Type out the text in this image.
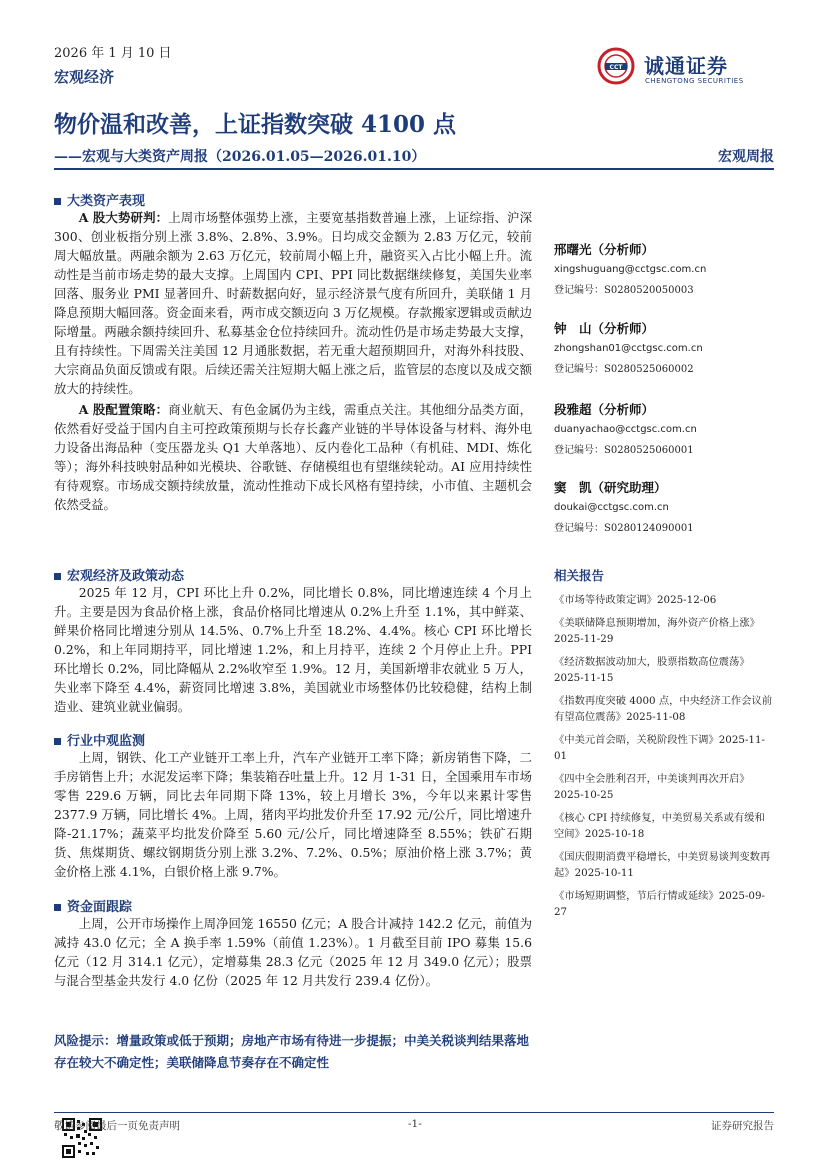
2026 年 1 月 10 日
宏观经济
CCT 诚通证券
CHENGTONG SECURITIES
物价温和改善，上证指数突破 4100 点
——宏观与大类资产周报（2026.01.05—2026.01.10）	宏观周报
大类资产表现

A 股大势研判：上周市场整体强势上涨，主要宽基指数普遍上涨，上证综指、沪深 300、创业板指分别上涨 3.8%、2.8%、3.9%。日均成交金额为 2.83 万亿元，较前周大幅放量。两融余额为 2.63 万亿元，较前周小幅上升，融资买入占比小幅上升。流动性是当前市场走势的最大支撑。上周国内 CPI、PPI 同比数据继续修复，美国失业率回落、服务业 PMI 显著回升、时薪数据向好，显示经济景气度有所回升，美联储 1 月降息预期大幅回落。资金面来看，两市成交额迈向 3 万亿规模。存款搬家逻辑或贡献边际增量。两融余额持续回升、私募基金仓位持续回升。流动性仍是市场走势最大支撑，且有持续性。下周需关注美国 12 月通胀数据，若无重大超预期回升，对海外科技股、大宗商品负面反馈或有限。后续还需关注短期大幅上涨之后，监管层的态度以及成交额放大的持续性。

A 股配置策略：商业航天、有色金属仍为主线，需重点关注。其他细分品类方面，依然看好受益于国内自主可控政策预期与长存长鑫产业链的半导体设备与材料、海外电力设备出海品种（变压器龙头 Q1 大单落地）、反内卷化工品种（有机硅、MDI、炼化等）；海外科技映射品种如光模块、谷歌链、存储模组也有望继续轮动。AI 应用持续性有待观察。市场成交额持续放量，流动性推动下成长风格有望持续，小市值、主题机会依然受益。

宏观经济及政策动态

2025 年 12 月，CPI 环比上升 0.2%，同比增长 0.8%，同比增速连续 4 个月上升。主要是因为食品价格上涨，食品价格同比增速从 0.2%上升至 1.1%，其中鲜菜、鲜果价格同比增速分别从 14.5%、0.7%上升至 18.2%、4.4%。核心 CPI 环比增长 0.2%，和上年同期持平，同比增速 1.2%，和上月持平，连续 2 个月停止上升。PPI 环比增长 0.2%，同比降幅从 2.2%收窄至 1.9%。12 月，美国新增非农就业 5 万人，失业率下降至 4.4%，薪资同比增速 3.8%，美国就业市场整体仍比较稳健，结构上制造业、建筑业就业偏弱。

行业中观监测

上周，钢铁、化工产业链开工率上升，汽车产业链开工率下降；新房销售下降，二手房销售上升；水泥发运率下降；集装箱吞吐量上升。12 月 1-31 日，全国乘用车市场零售 229.6 万辆，同比去年同期下降 13%，较上月增长 3%，今年以来累计零售 2377.9 万辆，同比增长 4%。上周，猪肉平均批发价升至 17.92 元/公斤，同比增速升降-21.17%；蔬菜平均批发价降至 5.60 元/公斤，同比增速降至 8.55%；铁矿石期货、焦煤期货、螺纹钢期货分别上涨 3.2%、7.2%、0.5%；原油价格上涨 3.7%；黄金价格上涨 4.1%，白银价格上涨 9.7%。

资金面跟踪

上周，公开市场操作上周净回笼 16550 亿元；A 股合计减持 142.2 亿元，前值为减持 43.0 亿元；全 A 换手率 1.59%（前值 1.23%）。1 月截至目前 IPO 募集 15.6 亿元（12 月 314.1 亿元），定增募集 28.3 亿元（2025 年 12 月 349.0 亿元）；股票与混合型基金共发行 4.0 亿份（2025 年 12 月共发行 239.4 亿份）。

风险提示：增量政策或低于预期；房地产市场有待进一步提振；中美关税谈判结果落地存在较大不确定性；美联储降息节奏存在不确定性
邢曙光（分析师）
xingshuguang@cctgsc.com.cn
登记编号：S0280520050003
钟　山（分析师）
zhongshan01@cctgsc.com.cn
登记编号：S0280525060002
段雅超（分析师）
duanyachao@cctgsc.com.cn
登记编号：S0280525060001
窦　凯（研究助理）
doukai@cctgsc.com.cn
登记编号：S0280124090001
相关报告
《市场等待政策定调》2025-12-06
《美联储降息预期增加，海外资产价格上涨》2025-11-29
《经济数据波动加大，股票指数高位震荡》2025-11-15
《指数再度突破 4000 点，中央经济工作会议前有望高位震荡》2025-11-08
《中美元首会晤，关税阶段性下调》2025-11-01
《四中全会胜利召开，中美谈判再次开启》2025-10-25
《核心 CPI 持续修复，中美贸易关系或有缓和空间》2025-10-18
《国庆假期消费平稳增长，中美贸易谈判变数再起》2025-10-11
《市场短期调整，节后行情或延续》2025-09-27
敬请参阅最后一页免责声明	-1-	证券研究报告
